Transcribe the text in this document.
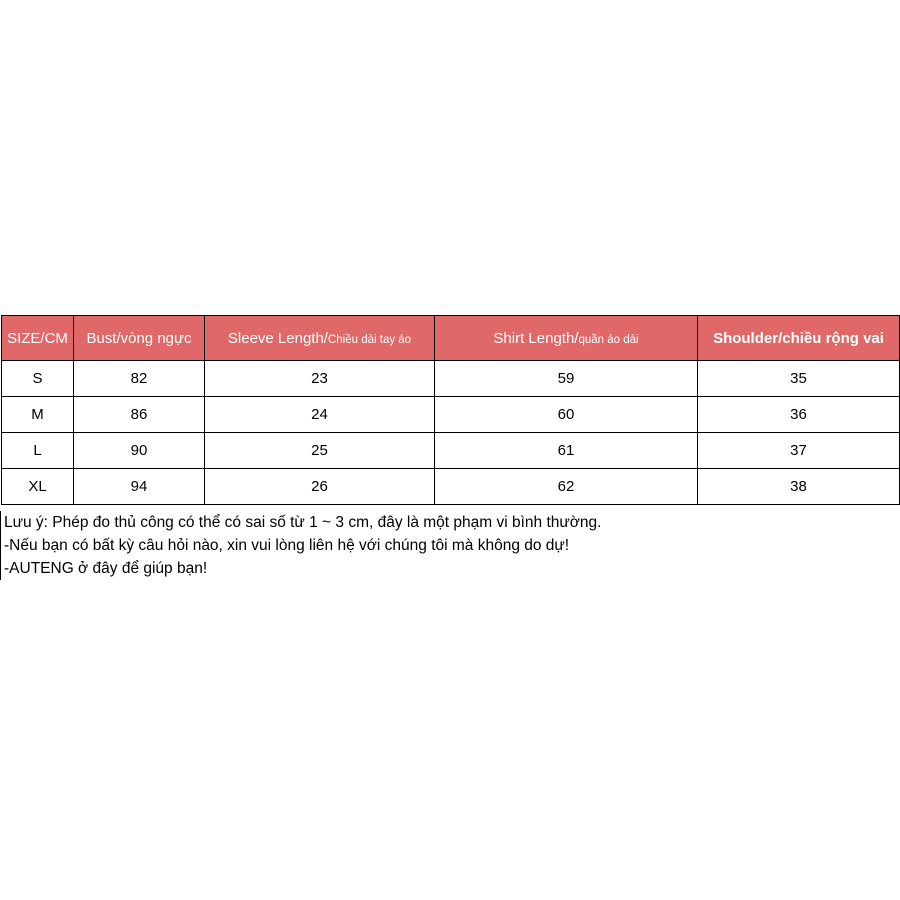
SIZE/CM	Bust/vòng ngực	Sleeve Length/Chiều dài tay áo	Shirt Length/quần áo dài	Shoulder/chiều rộng vai
S	82	23	59	35
M	86	24	60	36
L	90	25	61	37
XL	94	26	62	38
Lưu ý: Phép đo thủ công có thể có sai số từ 1 ~ 3 cm, đây là một phạm vi bình thường.
-Nếu bạn có bất kỳ câu hỏi nào, xin vui lòng liên hệ với chúng tôi mà không do dự!
-AUTENG ở đây để giúp bạn!
